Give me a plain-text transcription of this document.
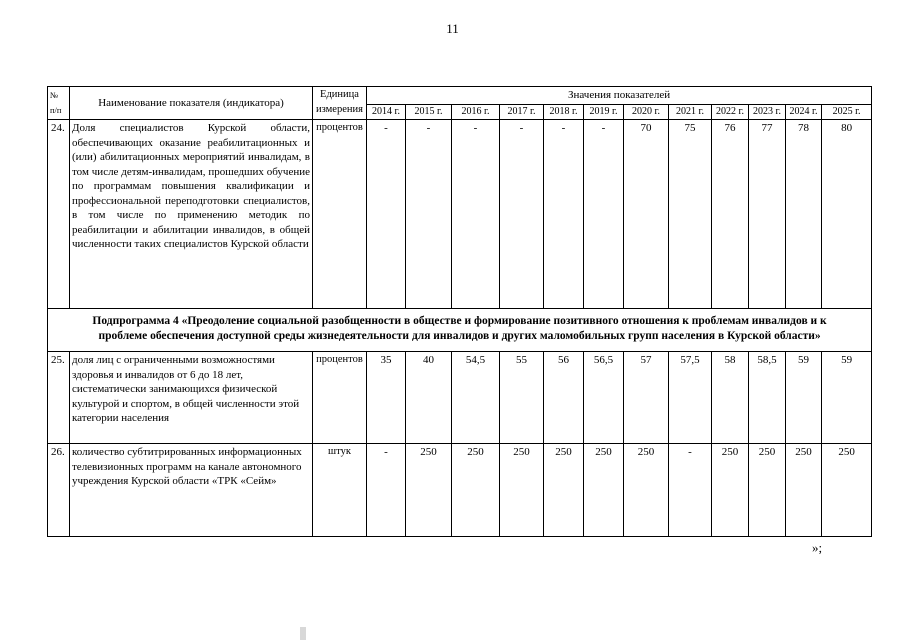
11
№ п/п	Наименование показателя (индикатора)	Единица измерения	Значения показателей											
			2014 г.	2015 г.	2016 г.	2017 г.	2018 г.	2019 г.	2020 г.	2021 г.	2022 г.	2023 г.	2024 г.	2025 г.
24.	Доля специалистов Курской области, обеспечивающих оказание реабилитационных и (или) абилитационных мероприятий инвалидам, в том числе детям-инвалидам, прошедших обучение по программам повышения квалификации и профессиональной переподготовки специалистов, в том числе по применению методик по реабилитации и абилитации инвалидов, в общей численности таких специалистов Курской области	процентов	-	-	-	-	-	-	70	75	76	77	78	80
Подпрограмма 4 «Преодоление социальной разобщенности в обществе и формирование позитивного отношения к проблемам инвалидов и к проблеме обеспечения доступной среды жизнедеятельности для инвалидов и других маломобильных групп населения в Курской области»														
25.	доля лиц с ограниченными возможностями здоровья и инвалидов от 6 до 18 лет, систематически занимающихся физической культурой и спортом, в общей численности этой категории населения	процентов	35	40	54,5	55	56	56,5	57	57,5	58	58,5	59	59
26.	количество субтитрированных информационных телевизионных программ на канале автономного учреждения Курской области «ТРК «Сейм»	штук	-	250	250	250	250	250	250	-	250	250	250	250
»;
